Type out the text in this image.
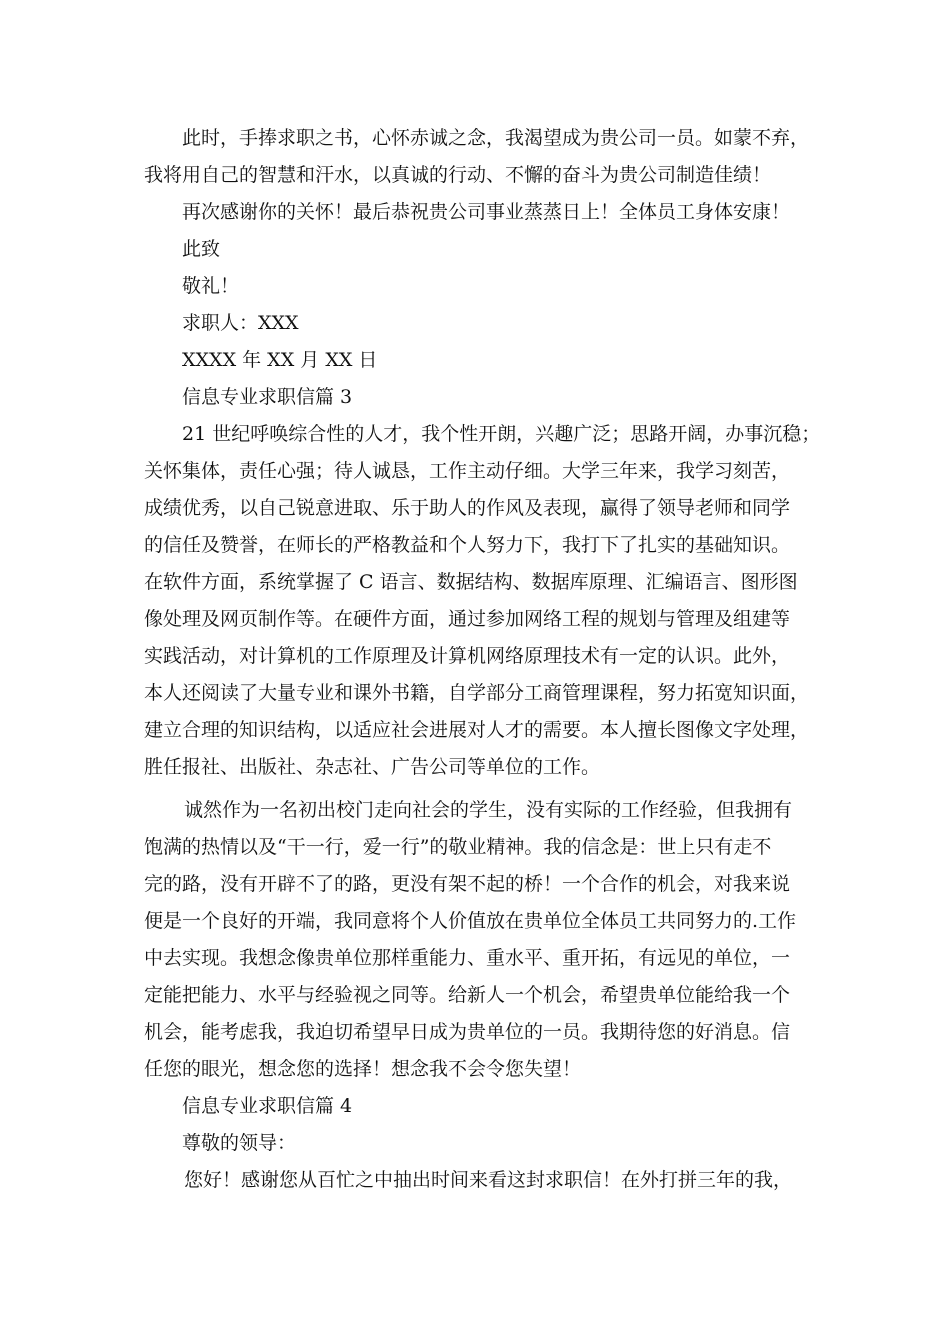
此时，手捧求职之书，心怀赤诚之念，我渴望成为贵公司一员。如蒙不弃，
我将用自己的智慧和汗水，以真诚的行动、不懈的奋斗为贵公司制造佳绩！
再次感谢你的关怀！最后恭祝贵公司事业蒸蒸日上！全体员工身体安康！
此致
敬礼！
求职人：XXX
XXXX 年 XX 月 XX 日
信息专业求职信篇 3
21 世纪呼唤综合性的人才，我个性开朗，兴趣广泛；思路开阔，办事沉稳；
关怀集体，责任心强；待人诚恳，工作主动仔细。大学三年来，我学习刻苦，
成绩优秀，以自己锐意进取、乐于助人的作风及表现，赢得了领导老师和同学
的信任及赞誉，在师长的严格教益和个人努力下，我打下了扎实的基础知识。
在软件方面，系统掌握了 C 语言、数据结构、数据库原理、汇编语言、图形图
像处理及网页制作等。在硬件方面，通过参加网络工程的规划与管理及组建等
实践活动，对计算机的工作原理及计算机网络原理技术有一定的认识。此外，
本人还阅读了大量专业和课外书籍，自学部分工商管理课程，努力拓宽知识面，
建立合理的知识结构，以适应社会进展对人才的需要。本人擅长图像文字处理，
胜任报社、出版社、杂志社、广告公司等单位的工作。
诚然作为一名初出校门走向社会的学生，没有实际的工作经验，但我拥有
饱满的热情以及“干一行，爱一行”的敬业精神。我的信念是：世上只有走不
完的路，没有开辟不了的路，更没有架不起的桥！一个合作的机会，对我来说
便是一个良好的开端，我同意将个人价值放在贵单位全体员工共同努力的.工作
中去实现。我想念像贵单位那样重能力、重水平、重开拓，有远见的单位，一
定能把能力、水平与经验视之同等。给新人一个机会，希望贵单位能给我一个
机会，能考虑我，我迫切希望早日成为贵单位的一员。我期待您的好消息。信
任您的眼光，想念您的选择！想念我不会令您失望！
信息专业求职信篇 4
尊敬的领导：
您好！感谢您从百忙之中抽出时间来看这封求职信！在外打拼三年的我，
